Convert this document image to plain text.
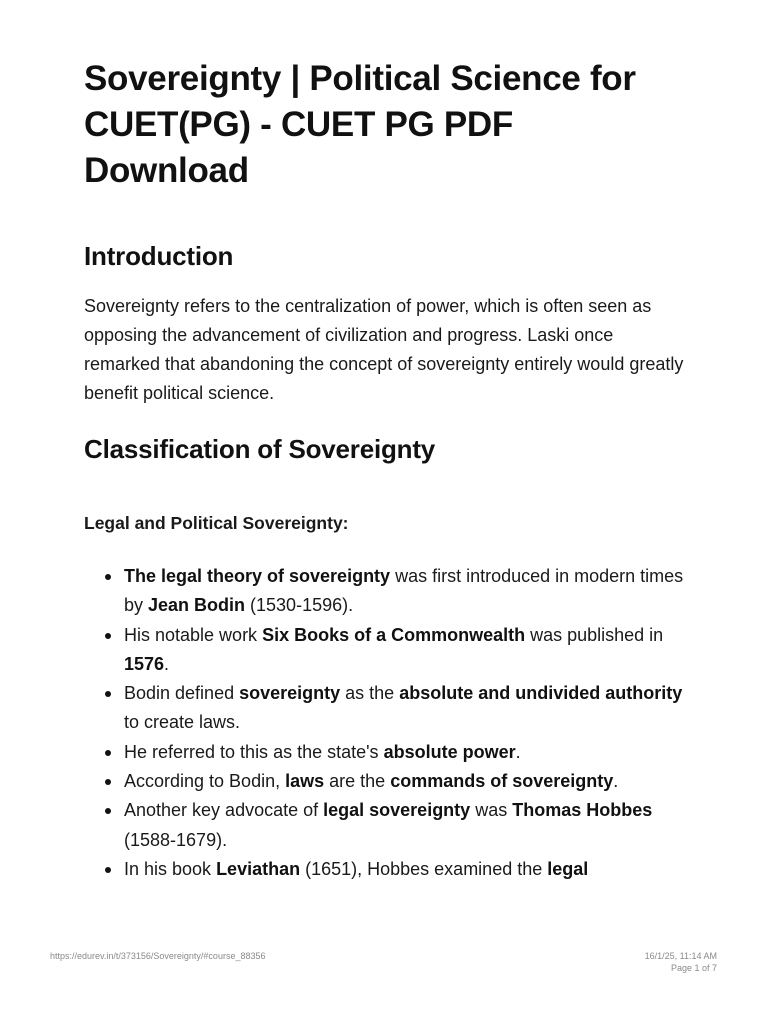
Sovereignty | Political Science for CUET(PG) - CUET PG PDF Download
Introduction

Sovereignty refers to the centralization of power, which is often seen as opposing the advancement of civilization and progress. Laski once remarked that abandoning the concept of sovereignty entirely would greatly benefit political science.

Classification of Sovereignty

Legal and Political Sovereignty:

The legal theory of sovereignty was first introduced in modern times by Jean Bodin (1530-1596).
His notable work Six Books of a Commonwealth was published in 1576.
Bodin defined sovereignty as the absolute and undivided authority to create laws.
He referred to this as the state's absolute power.
According to Bodin, laws are the commands of sovereignty.
Another key advocate of legal sovereignty was Thomas Hobbes (1588-1679).
In his book Leviathan (1651), Hobbes examined the legal
https://edurev.in/t/373156/Sovereignty/#course_88356	16/1/25, 11:14 AM
Page 1 of 7
